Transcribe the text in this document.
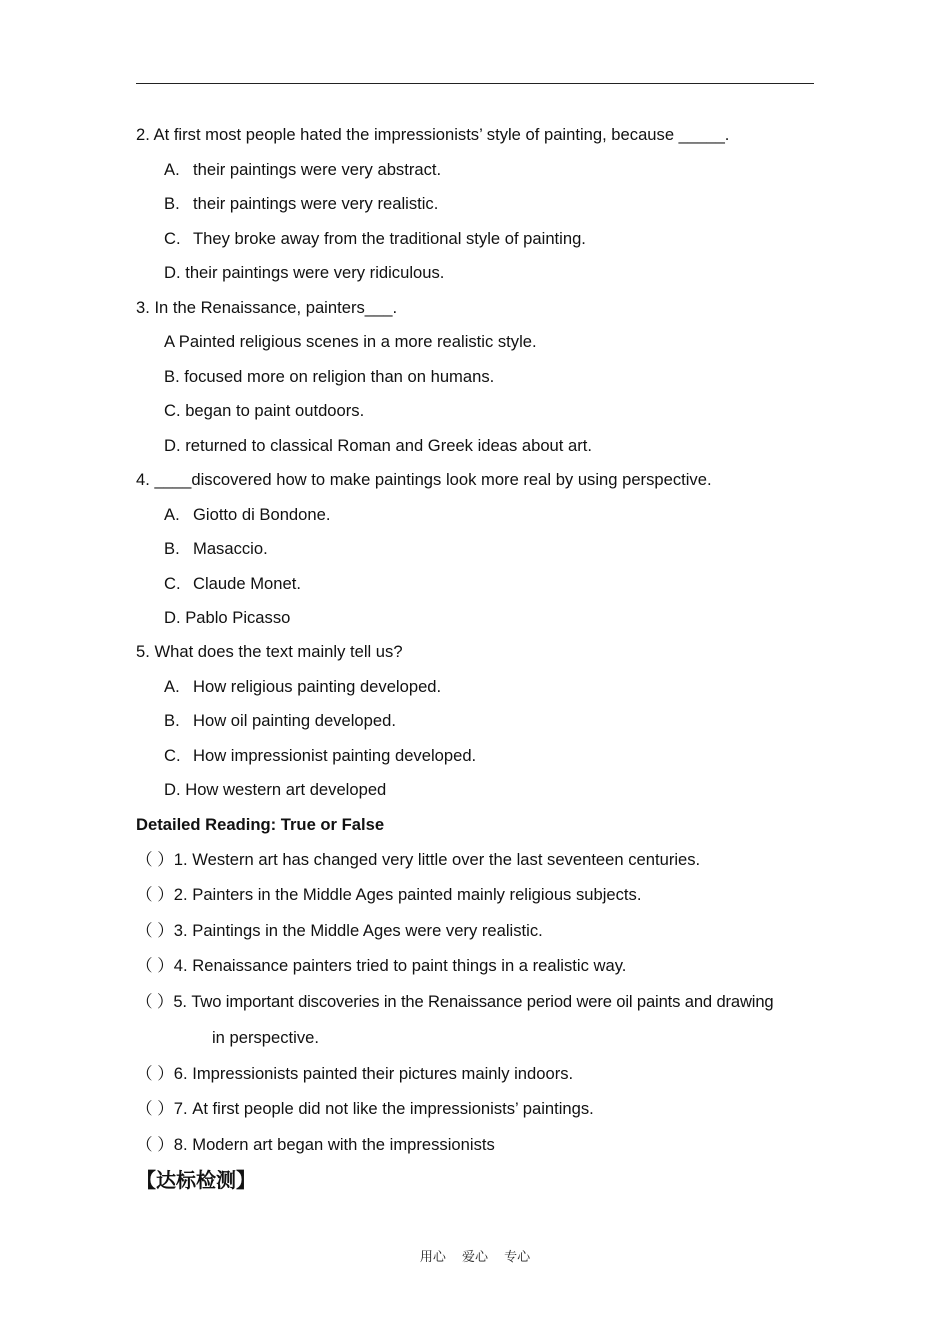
2. At first most people hated the impressionists’ style of painting, because _____.
A. their paintings were very abstract.
B. their paintings were very realistic.
C. They broke away from the traditional style of painting.
D. their paintings were very ridiculous.
3. In the Renaissance, painters___.
A Painted religious scenes in a more realistic style.
B. focused more on religion than on humans.
C. began to paint outdoors.
D. returned to classical Roman and Greek ideas about art.
4. ____discovered how to make paintings look more real by using perspective.
A. Giotto di Bondone.
B. Masaccio.
C. Claude Monet.
D. Pablo Picasso
5. What does the text mainly tell us?
A. How religious painting developed.
B. How oil painting developed.
C. How impressionist painting developed.
D. How western art developed
Detailed Reading: True or False
（ ）1. Western art has changed very little over the last seventeen centuries.
（ ）2. Painters in the Middle Ages painted mainly religious subjects.
（ ）3. Paintings in the Middle Ages were very realistic.
（ ）4. Renaissance painters tried to paint things in a realistic way.
（ ）5. Two important discoveries in the Renaissance period were oil paints and drawing
in perspective.
（ ）6. Impressionists painted their pictures mainly indoors.
（ ）7. At first people did not like the impressionists’ paintings.
（ ）8. Modern art began with the impressionists
【达标检测】
用心 爱心 专心
